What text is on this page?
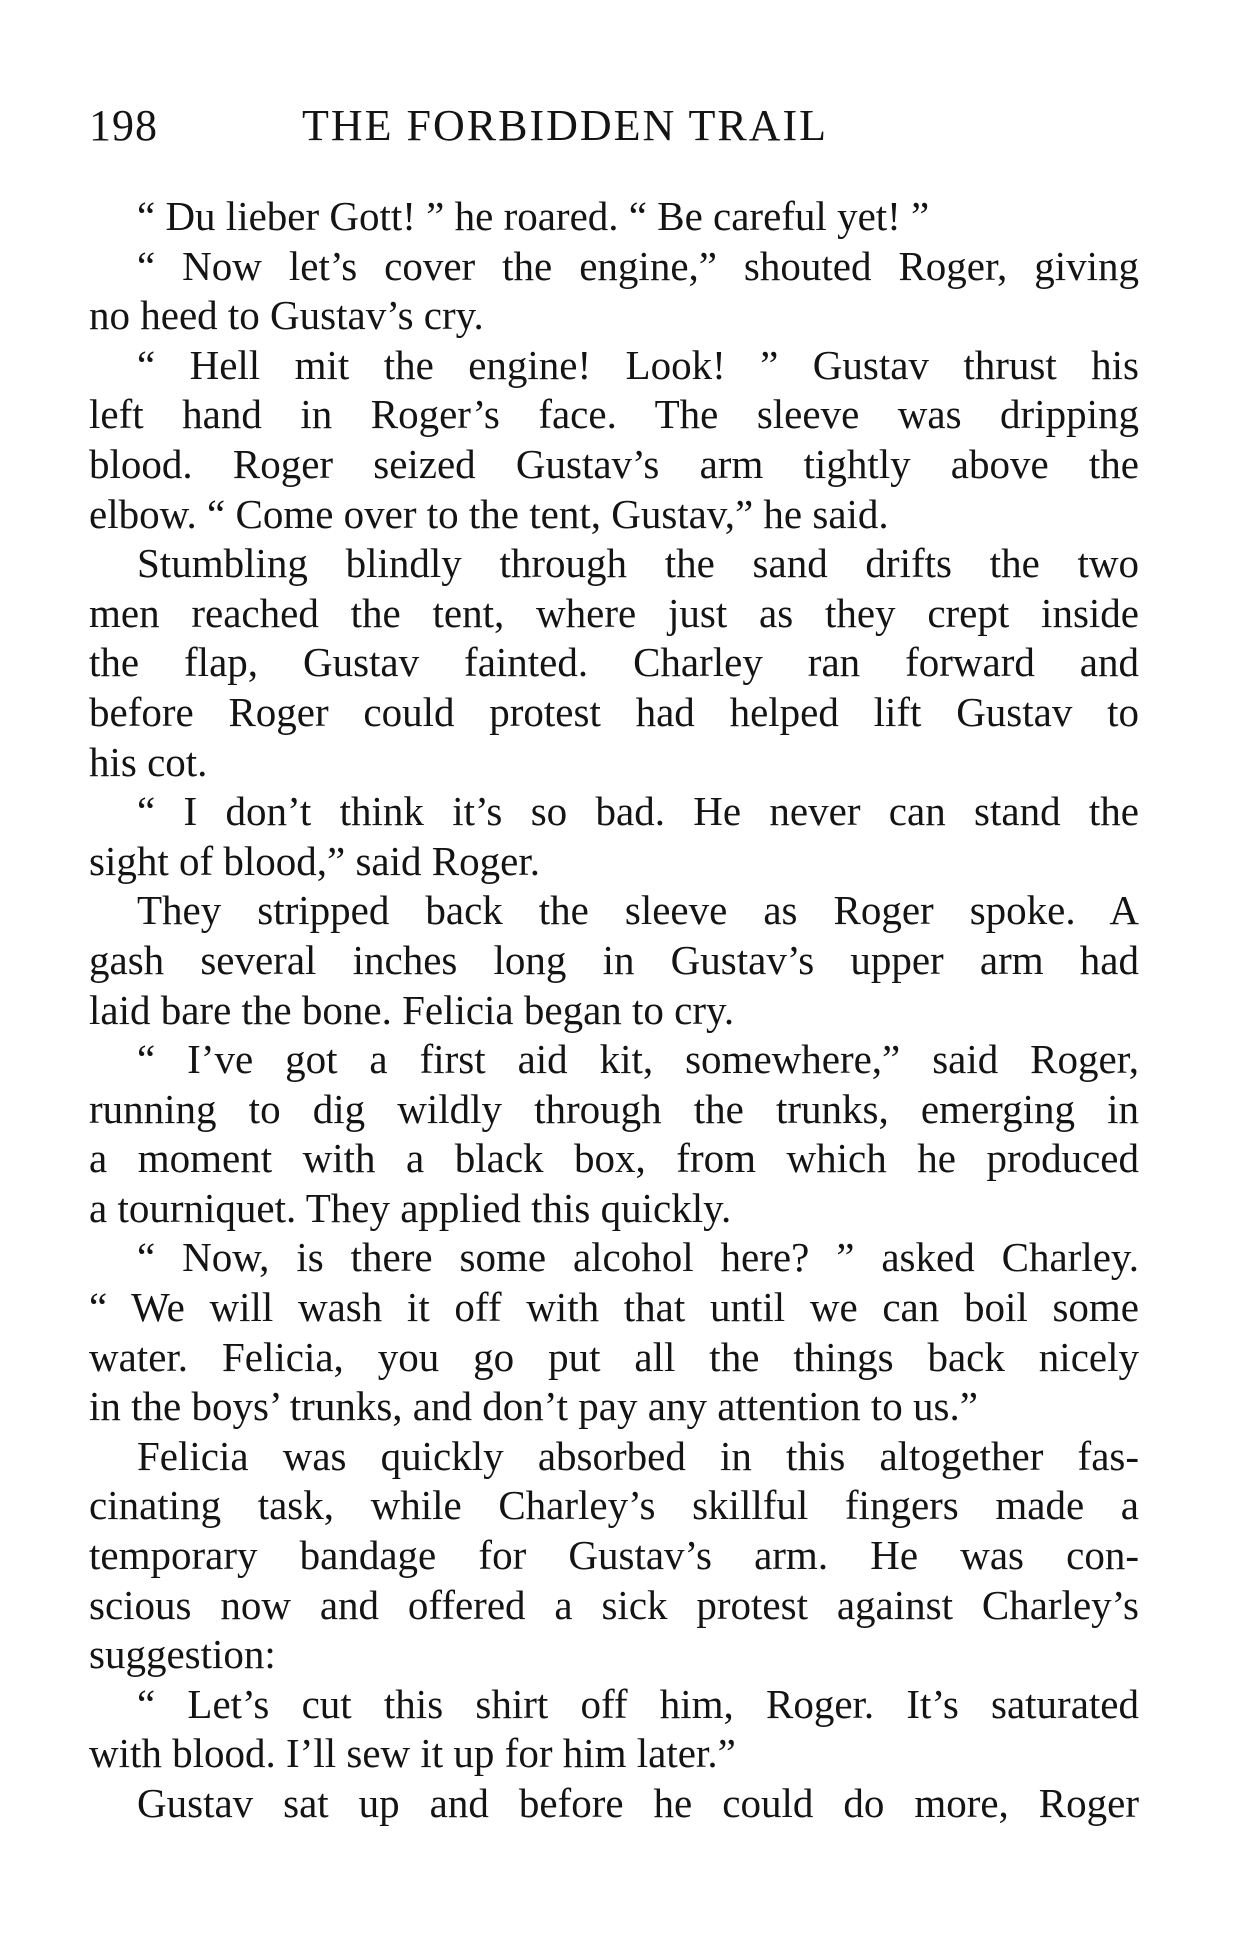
198	THE FORBIDDEN TRAIL
“ Du lieber Gott! ” he roared. “ Be careful yet! ”
“ Now let’s cover the engine,” shouted Roger, giving
no heed to Gustav’s cry.
“ Hell mit the engine! Look! ” Gustav thrust his
left hand in Roger’s face. The sleeve was dripping
blood. Roger seized Gustav’s arm tightly above the
elbow. “ Come over to the tent, Gustav,” he said.
Stumbling blindly through the sand drifts the two
men reached the tent, where just as they crept inside
the flap, Gustav fainted. Charley ran forward and
before Roger could protest had helped lift Gustav to
his cot.
“ I don’t think it’s so bad. He never can stand the
sight of blood,” said Roger.
They stripped back the sleeve as Roger spoke. A
gash several inches long in Gustav’s upper arm had
laid bare the bone. Felicia began to cry.
“ I’ve got a first aid kit, somewhere,” said Roger,
running to dig wildly through the trunks, emerging in
a moment with a black box, from which he produced
a tourniquet. They applied this quickly.
“ Now, is there some alcohol here? ” asked Charley.
“ We will wash it off with that until we can boil some
water. Felicia, you go put all the things back nicely
in the boys’ trunks, and don’t pay any attention to us.”
Felicia was quickly absorbed in this altogether fas-
cinating task, while Charley’s skillful fingers made a
temporary bandage for Gustav’s arm. He was con-
scious now and offered a sick protest against Charley’s
suggestion:
“ Let’s cut this shirt off him, Roger. It’s saturated
with blood. I’ll sew it up for him later.”
Gustav sat up and before he could do more, Roger
